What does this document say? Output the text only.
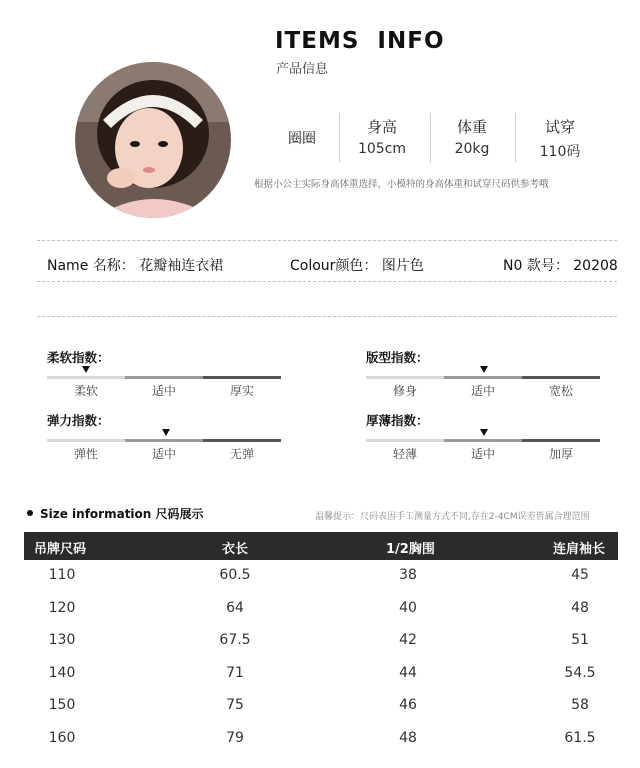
ITEMS  INFO
产品信息
圈圈
身高
105cm
体重
20kg
试穿
110码
根据小公主实际身高体重选择，小模特的身高体重和试穿尺码供参考哦
Name 名称： 花瓣袖连衣裙	Colour颜色： 图片色	N0 款号： 20208
柔软指数：
柔软	适中	厚实
版型指数：
修身	适中	宽松
弹力指数：
弹性	适中	无弹
厚薄指数：
轻薄	适中	加厚
Size information 尺码展示	温馨提示：尺码表因手工测量方式不同,存在2-4CM误差皆属合理范围
吊牌尺码	衣长	1/2胸围	连肩袖长
110	60.5	38	45
120	64	40	48
130	67.5	42	51
140	71	44	54.5
150	75	46	58
160	79	48	61.5
